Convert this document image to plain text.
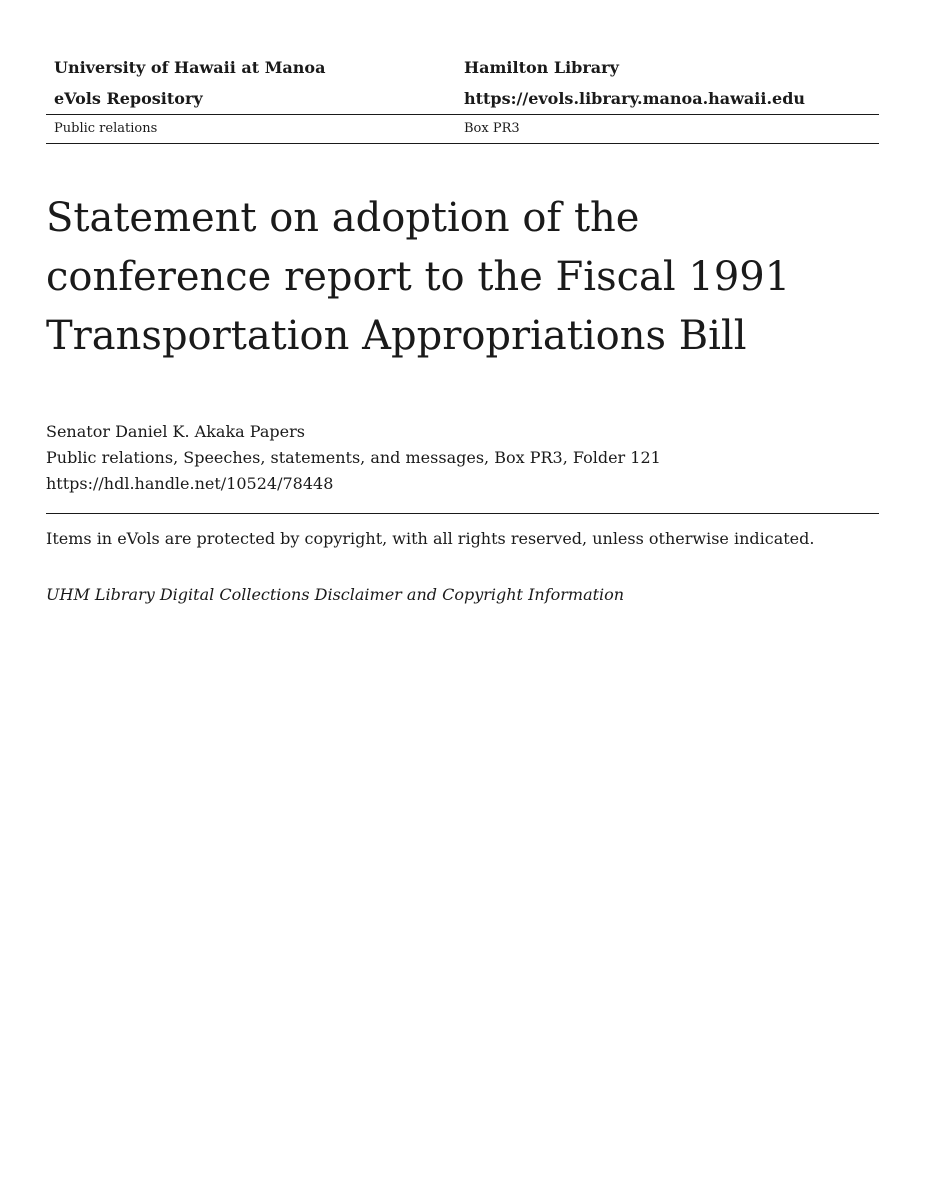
University of Hawaii at Manoa	Hamilton Library
eVols Repository	https://evols.library.manoa.hawaii.edu
Public relations	Box PR3
Statement on adoption of the
conference report to the Fiscal 1991
Transportation Appropriations Bill
Senator Daniel K. Akaka Papers
Public relations, Speeches, statements, and messages, Box PR3, Folder 121
https://hdl.handle.net/10524/78448
Items in eVols are protected by copyright, with all rights reserved, unless otherwise indicated.
UHM Library Digital Collections Disclaimer and Copyright Information
